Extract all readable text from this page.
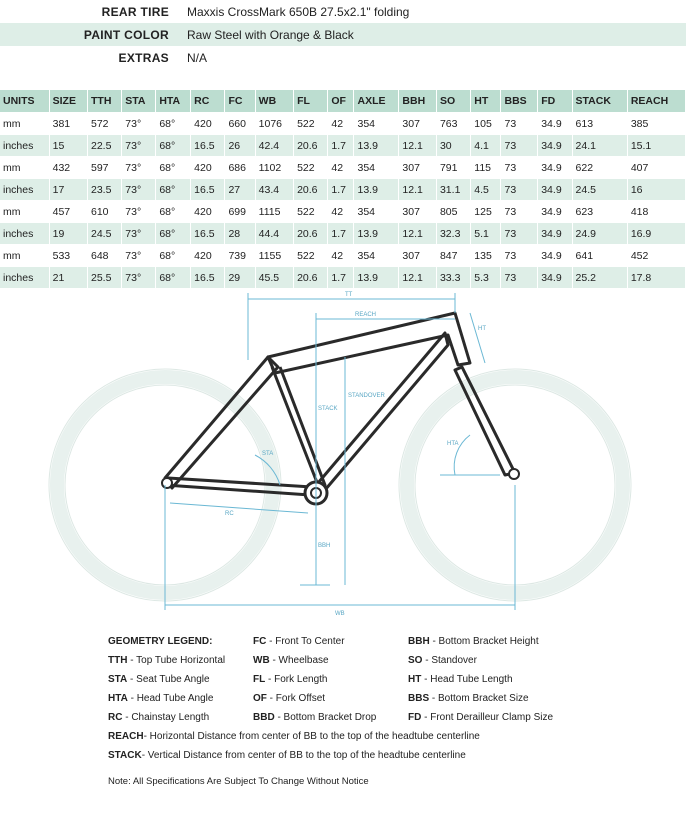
REAR TIRE	Maxxis CrossMark 650B 27.5x2.1" folding
PAINT COLOR	Raw Steel with Orange & Black
EXTRAS	N/A
UNITS	SIZE	TTH	STA	HTA	RC	FC	WB	FL	OF	AXLE	BBH	SO	HT	BBS	FD	STACK	REACH
mm	381	572	73°	68°	420	660	1076	522	42	354	307	763	105	73	34.9	613	385
inches	15	22.5	73°	68°	16.5	26	42.4	20.6	1.7	13.9	12.1	30	4.1	73	34.9	24.1	15.1
mm	432	597	73°	68°	420	686	1102	522	42	354	307	791	115	73	34.9	622	407
inches	17	23.5	73°	68°	16.5	27	43.4	20.6	1.7	13.9	12.1	31.1	4.5	73	34.9	24.5	16
mm	457	610	73°	68°	420	699	1115	522	42	354	307	805	125	73	34.9	623	418
inches	19	24.5	73°	68°	16.5	28	44.4	20.6	1.7	13.9	12.1	32.3	5.1	73	34.9	24.9	16.9
mm	533	648	73°	68°	420	739	1155	522	42	354	307	847	135	73	34.9	641	452
inches	21	25.5	73°	68°	16.5	29	45.5	20.6	1.7	13.9	12.1	33.3	5.3	73	34.9	25.2	17.8
TT
REACH
HT
STACK
STANDOVER
STA
HTA
RC
BBH
WB
GEOMETRY LEGEND:	FC - Front To Center	BBH - Bottom Bracket Height
TTH - Top Tube Horizontal	WB - Wheelbase	SO - Standover
STA - Seat Tube Angle	FL - Fork Length	HT - Head Tube Length
HTA - Head Tube Angle	OF - Fork Offset	BBS - Bottom Bracket Size
RC - Chainstay Length	BBD - Bottom Bracket Drop	FD - Front Derailleur Clamp Size
REACH - Horizontal Distance from center of BB to the top of the headtube centerline
STACK - Vertical Distance from center of BB to the top of the headtube centerline
Note: All Specifications Are Subject To Change Without Notice
